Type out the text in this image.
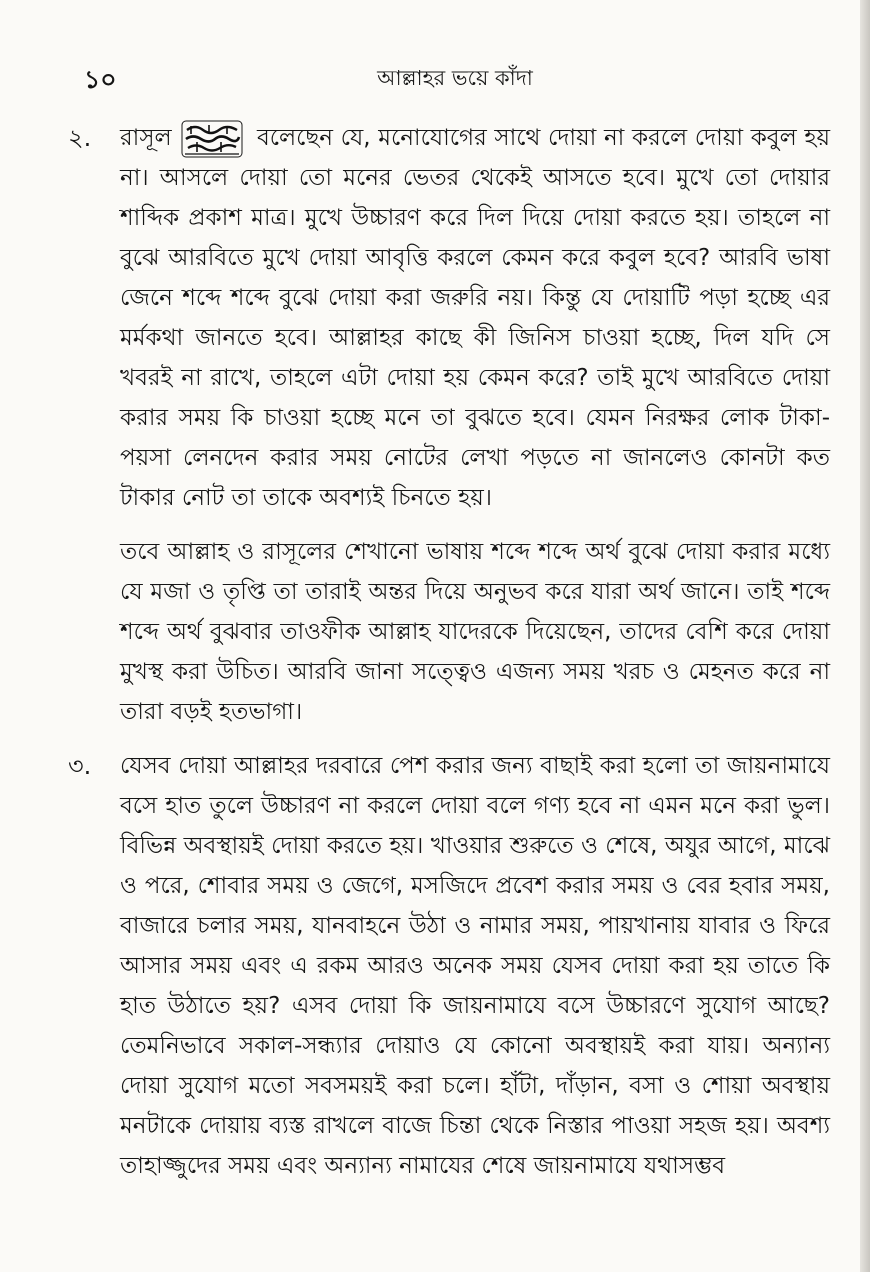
১০	আল্লাহর ভয়ে কাঁদা
২. রাসূল	বলেছেন যে, মনোযোগের সাথে দোয়া না করলে দোয়া কবুল হয় না। আসলে দোয়া তো মনের ভেতর থেকেই আসতে হবে। মুখে তো দোয়ার শাব্দিক প্রকাশ মাত্র। মুখে উচ্চারণ করে দিল দিয়ে দোয়া করতে হয়। তাহলে না বুঝে আরবিতে মুখে দোয়া আবৃত্তি করলে কেমন করে কবুল হবে? আরবি ভাষা জেনে শব্দে শব্দে বুঝে দোয়া করা জরুরি নয়। কিন্তু যে দোয়াটি পড়া হচ্ছে এর মর্মকথা জানতে হবে। আল্লাহর কাছে কী জিনিস চাওয়া হচ্ছে, দিল যদি সে খবরই না রাখে, তাহলে এটা দোয়া হয় কেমন করে? তাই মুখে আরবিতে দোয়া করার সময় কি চাওয়া হচ্ছে মনে তা বুঝতে হবে। যেমন নিরক্ষর লোক টাকা-পয়সা লেনদেন করার সময় নোটের লেখা পড়তে না জানলেও কোনটা কত টাকার নোট তা তাকে অবশ্যই চিনতে হয়।

তবে আল্লাহ ও রাসূলের শেখানো ভাষায় শব্দে শব্দে অর্থ বুঝে দোয়া করার মধ্যে যে মজা ও তৃপ্তি তা তারাই অন্তর দিয়ে অনুভব করে যারা অর্থ জানে। তাই শব্দে শব্দে অর্থ বুঝবার তাওফীক আল্লাহ যাদেরকে দিয়েছেন, তাদের বেশি করে দোয়া মুখস্থ করা উচিত। আরবি জানা সত্ত্বেও এজন্য সময় খরচ ও মেহনত করে না তারা বড়ই হতভাগা।

৩. যেসব দোয়া আল্লাহর দরবারে পেশ করার জন্য বাছাই করা হলো তা জায়নামাযে বসে হাত তুলে উচ্চারণ না করলে দোয়া বলে গণ্য হবে না এমন মনে করা ভুল। বিভিন্ন অবস্থায়ই দোয়া করতে হয়। খাওয়ার শুরুতে ও শেষে, অযুর আগে, মাঝে ও পরে, শোবার সময় ও জেগে, মসজিদে প্রবেশ করার সময় ও বের হবার সময়, বাজারে চলার সময়, যানবাহনে উঠা ও নামার সময়, পায়খানায় যাবার ও ফিরে আসার সময় এবং এ রকম আরও অনেক সময় যেসব দোয়া করা হয় তাতে কি হাত উঠাতে হয়? এসব দোয়া কি জায়নামাযে বসে উচ্চারণে সুযোগ আছে? তেমনিভাবে সকাল-সন্ধ্যার দোয়াও যে কোনো অবস্থায়ই করা যায়। অন্যান্য দোয়া সুযোগ মতো সবসময়ই করা চলে। হাঁটা, দাঁড়ান, বসা ও শোয়া অবস্থায় মনটাকে দোয়ায় ব্যস্ত রাখলে বাজে চিন্তা থেকে নিস্তার পাওয়া সহজ হয়। অবশ্য তাহাজ্জুদের সময় এবং অন্যান্য নামাযের শেষে জায়নামাযে যথাসম্ভব
